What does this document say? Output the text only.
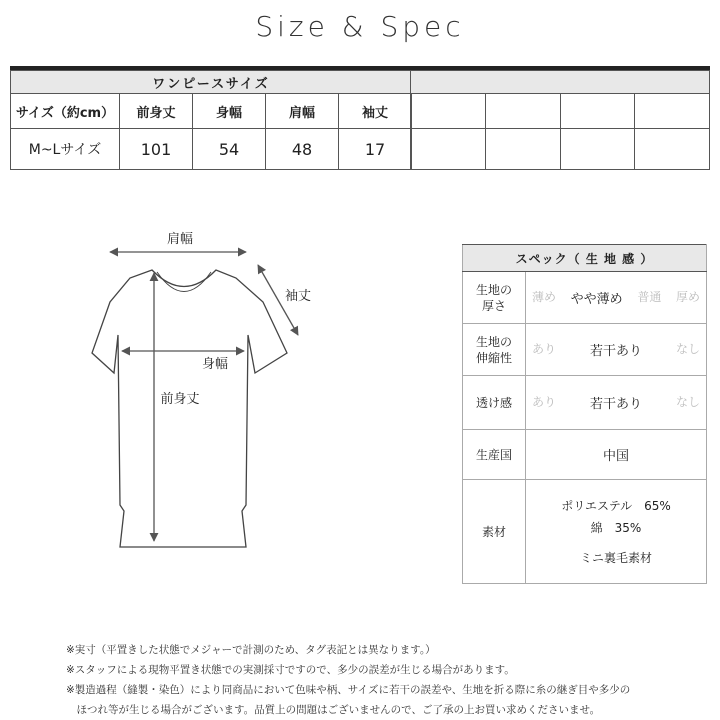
Size & Spec
ワンピースサイズ				
サイズ（約cm）	前身丈	身幅	肩幅	袖丈
M~Lサイズ	101	54	48	17

肩幅
袖丈
身幅
前身丈
スペック（ 生 地 感 ）	
生地の
厚さ	薄め やや薄め 普通 厚め

生地の
伸縮性	あり 若干あり なし

透け感	あり 若干あり なし

生産国	中国
素材	ポリエステル　65%
綿　35%
ミニ裏毛素材
※実寸（平置きした状態でメジャーで計測のため、タグ表記とは異なります。）
※スタッフによる現物平置き状態での実測採寸ですので、多少の誤差が生じる場合があります。
※製造過程（縫製・染色）により同商品において色味や柄、サイズに若干の誤差や、生地を折る際に糸の継ぎ目や多少の
　ほつれ等が生じる場合がございます。品質上の問題はございませんので、ご了承の上お買い求めくださいませ。
